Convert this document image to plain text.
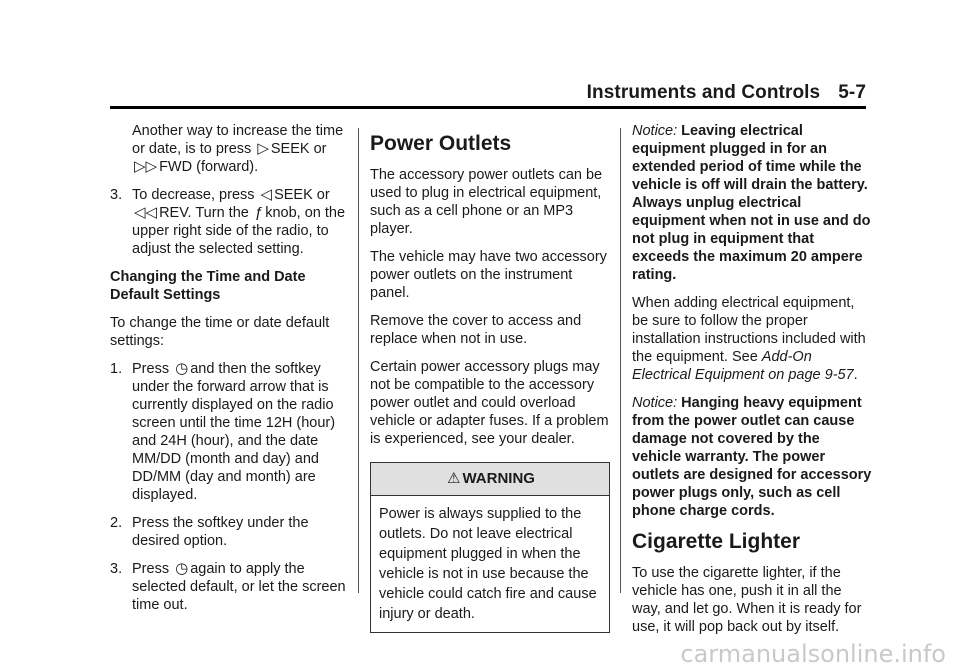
Instruments and Controls 5-7

Another way to increase the time or date, is to press ▷ SEEK or ▷▷ FWD (forward).

3. To decrease, press ◁ SEEK or ◁◁ REV. Turn the ƒ knob, on the upper right side of the radio, to adjust the selected setting.

Changing the Time and Date Default Settings

To change the time or date default settings:

1. Press ◷ and then the softkey under the forward arrow that is currently displayed on the radio screen until the time 12H (hour) and 24H (hour), and the date MM/DD (month and day) and DD/MM (day and month) are displayed.
2. Press the softkey under the desired option.
3. Press ◷ again to apply the selected default, or let the screen time out.
Power Outlets

The accessory power outlets can be used to plug in electrical equipment, such as a cell phone or an MP3 player.

The vehicle may have two accessory power outlets on the instrument panel.

Remove the cover to access and replace when not in use.

Certain power accessory plugs may not be compatible to the accessory power outlet and could overload vehicle or adapter fuses. If a problem is experienced, see your dealer.

⚠ WARNING
Power is always supplied to the outlets. Do not leave electrical equipment plugged in when the vehicle is not in use because the vehicle could catch fire and cause injury or death.

Notice: Leaving electrical equipment plugged in for an extended period of time while the vehicle is off will drain the battery. Always unplug electrical equipment when not in use and do not plug in equipment that exceeds the maximum 20 ampere rating.

When adding electrical equipment, be sure to follow the proper installation instructions included with the equipment. See Add-On Electrical Equipment on page 9-57.

Notice: Hanging heavy equipment from the power outlet can cause damage not covered by the vehicle warranty. The power outlets are designed for accessory power plugs only, such as cell phone charge cords.

Cigarette Lighter

To use the cigarette lighter, if the vehicle has one, push it in all the way, and let go. When it is ready for use, it will pop back out by itself.

carmanualsonline.info
